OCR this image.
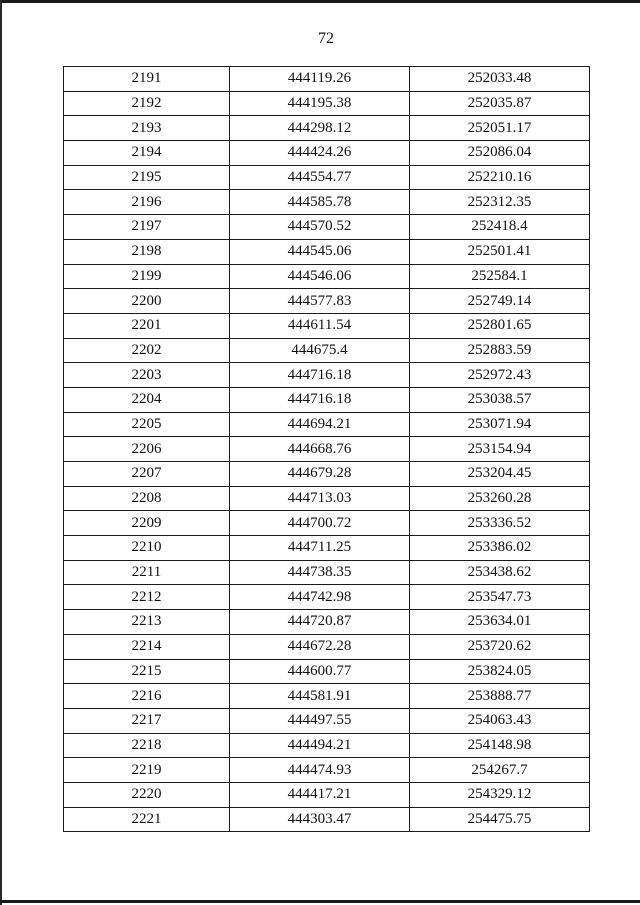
72
2191	444119.26	252033.48
2192	444195.38	252035.87
2193	444298.12	252051.17
2194	444424.26	252086.04
2195	444554.77	252210.16
2196	444585.78	252312.35
2197	444570.52	252418.4
2198	444545.06	252501.41
2199	444546.06	252584.1
2200	444577.83	252749.14
2201	444611.54	252801.65
2202	444675.4	252883.59
2203	444716.18	252972.43
2204	444716.18	253038.57
2205	444694.21	253071.94
2206	444668.76	253154.94
2207	444679.28	253204.45
2208	444713.03	253260.28
2209	444700.72	253336.52
2210	444711.25	253386.02
2211	444738.35	253438.62
2212	444742.98	253547.73
2213	444720.87	253634.01
2214	444672.28	253720.62
2215	444600.77	253824.05
2216	444581.91	253888.77
2217	444497.55	254063.43
2218	444494.21	254148.98
2219	444474.93	254267.7
2220	444417.21	254329.12
2221	444303.47	254475.75
